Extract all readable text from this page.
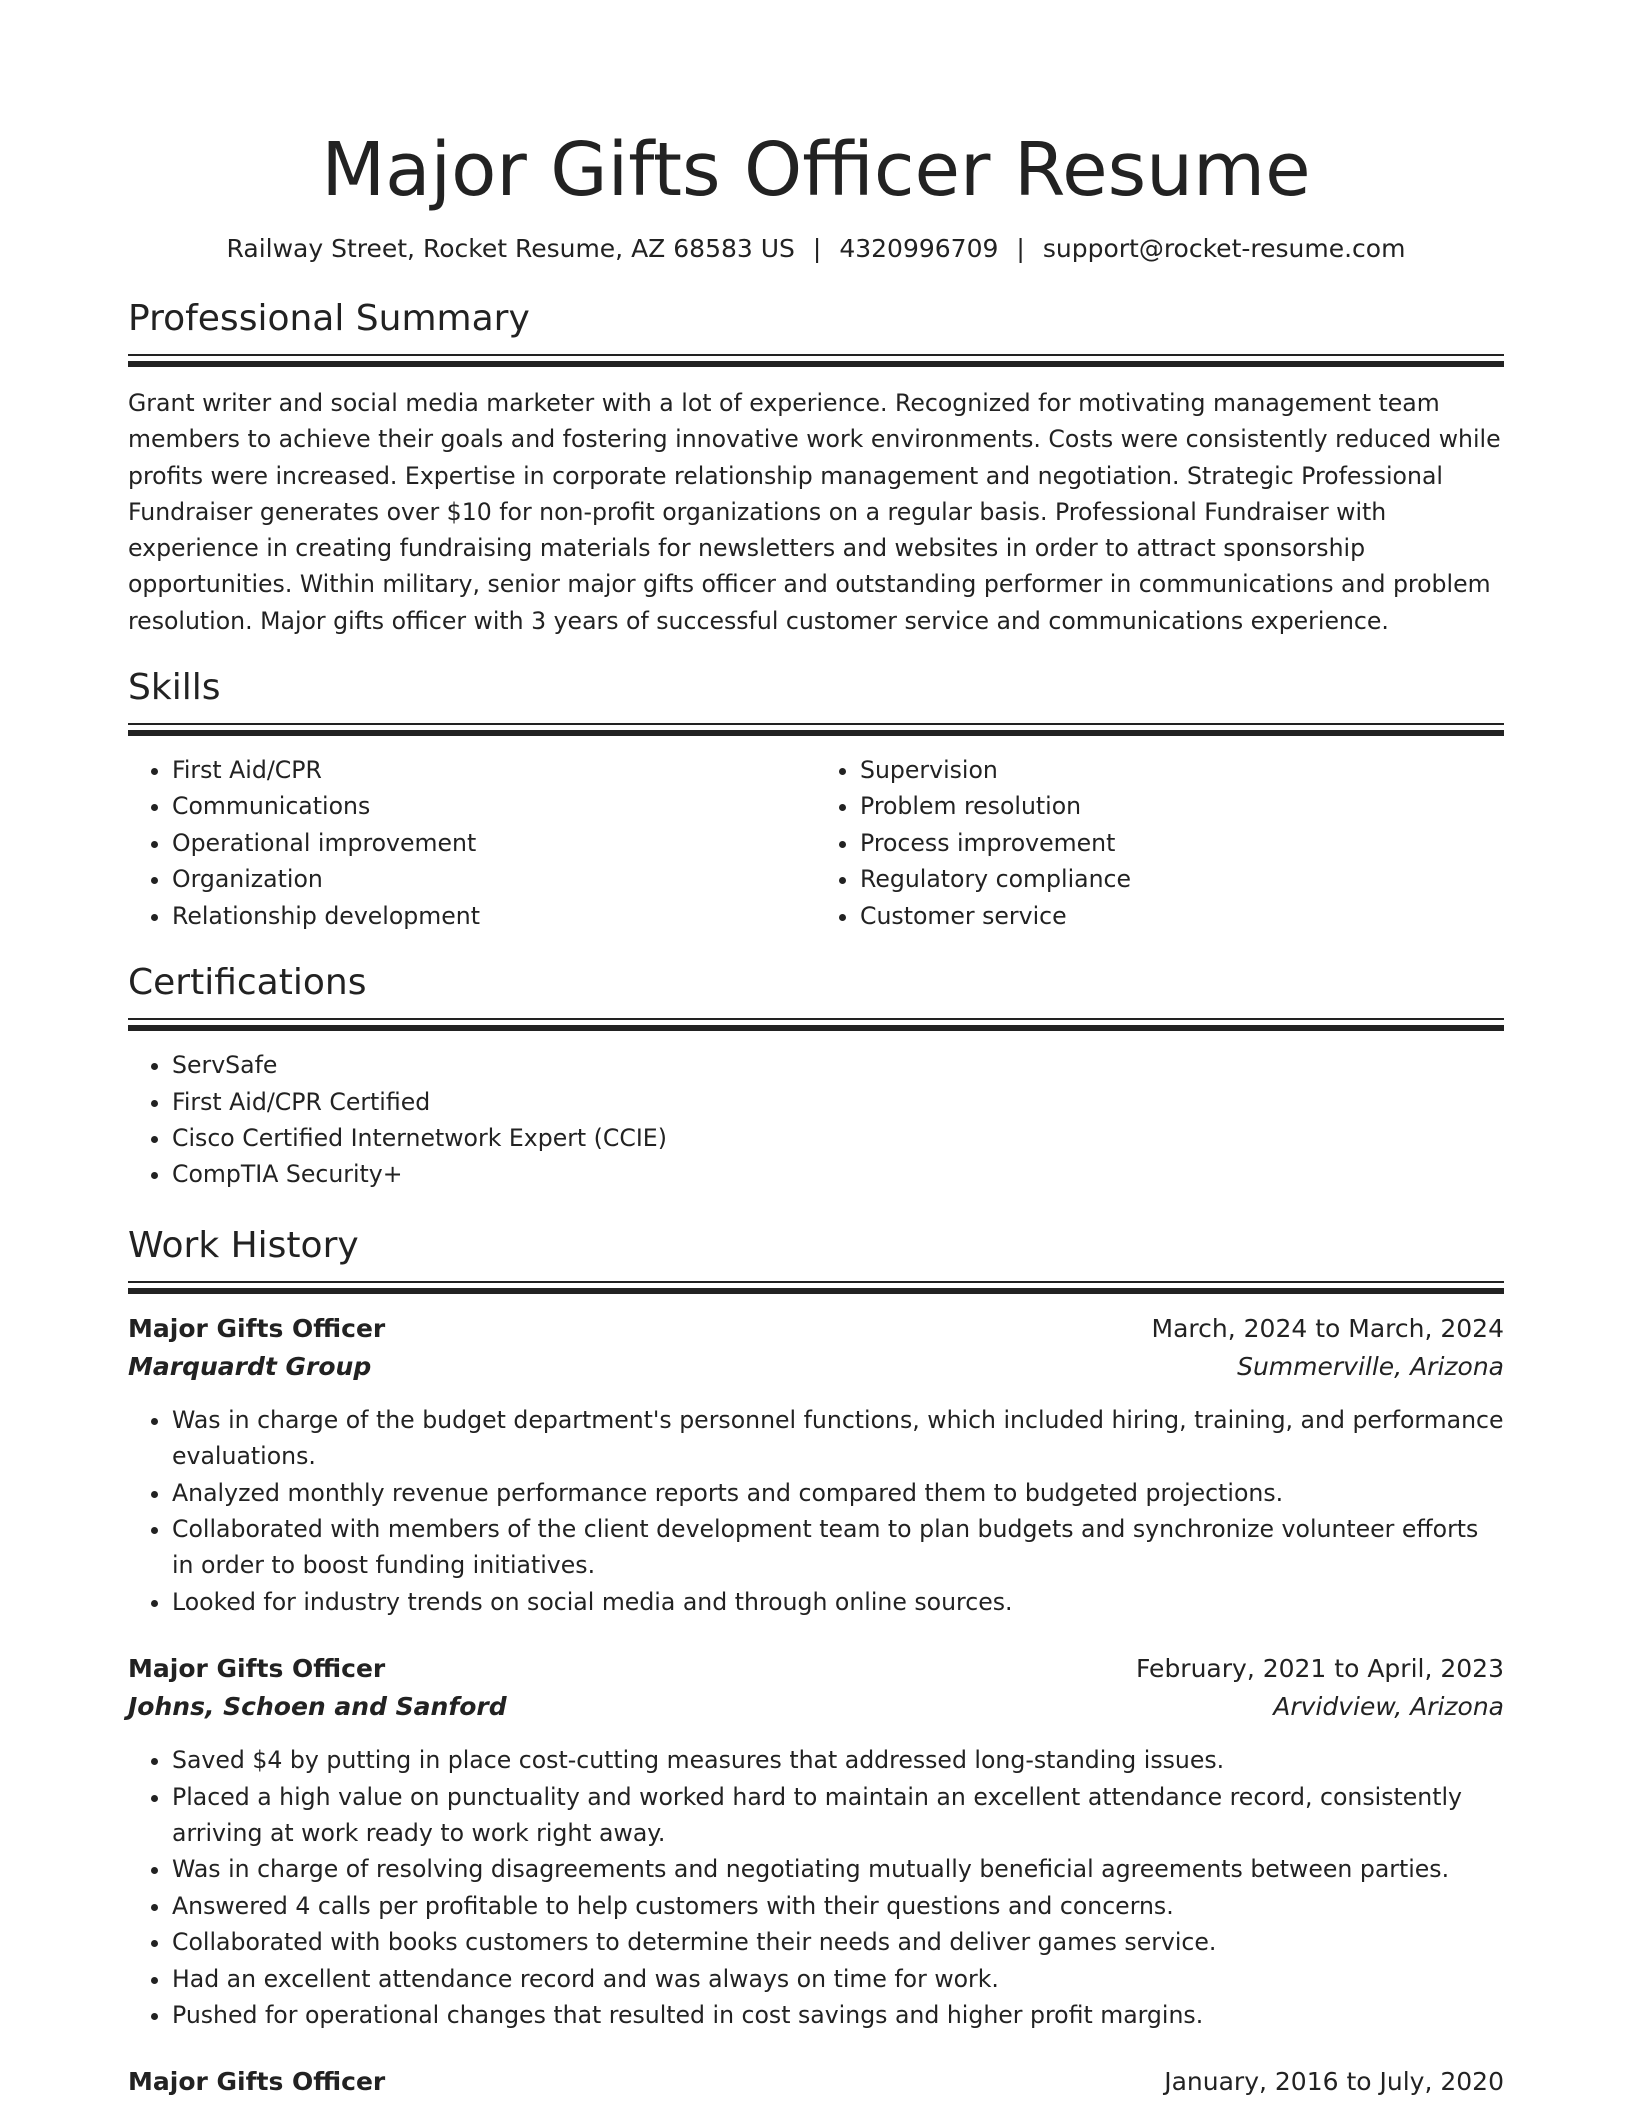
Major Gifts Officer Resume
Railway Street, Rocket Resume, AZ 68583 US | 4320996709 | support@rocket-resume.com
Professional Summary

Grant writer and social media marketer with a lot of experience. Recognized for motivating management team members to achieve their goals and fostering innovative work environments. Costs were consistently reduced while profits were increased. Expertise in corporate relationship management and negotiation. Strategic Professional Fundraiser generates over $10 for non-profit organizations on a regular basis. Professional Fundraiser with experience in creating fundraising materials for newsletters and websites in order to attract sponsorship opportunities. Within military, senior major gifts officer and outstanding performer in communications and problem resolution. Major gifts officer with 3 years of successful customer service and communications experience.

Skills
• First Aid/CPR
• Communications
• Operational improvement
• Organization
• Relationship development
• Supervision
• Problem resolution
• Process improvement
• Regulatory compliance
• Customer service
Certifications
• ServSafe
• First Aid/CPR Certified
• Cisco Certified Internetwork Expert (CCIE)
• CompTIA Security+
Work History
Major Gifts Officer	March, 2024 to March, 2024
Marquardt Group	Summerville, Arizona
• Was in charge of the budget department's personnel functions, which included hiring, training, and performance evaluations.
• Analyzed monthly revenue performance reports and compared them to budgeted projections.
• Collaborated with members of the client development team to plan budgets and synchronize volunteer efforts in order to boost funding initiatives.
• Looked for industry trends on social media and through online sources.
Major Gifts Officer	February, 2021 to April, 2023
Johns, Schoen and Sanford	Arvidview, Arizona
• Saved $4 by putting in place cost-cutting measures that addressed long-standing issues.
• Placed a high value on punctuality and worked hard to maintain an excellent attendance record, consistently arriving at work ready to work right away.
• Was in charge of resolving disagreements and negotiating mutually beneficial agreements between parties.
• Answered 4 calls per profitable to help customers with their questions and concerns.
• Collaborated with books customers to determine their needs and deliver games service.
• Had an excellent attendance record and was always on time for work.
• Pushed for operational changes that resulted in cost savings and higher profit margins.
Major Gifts Officer	January, 2016 to July, 2020
